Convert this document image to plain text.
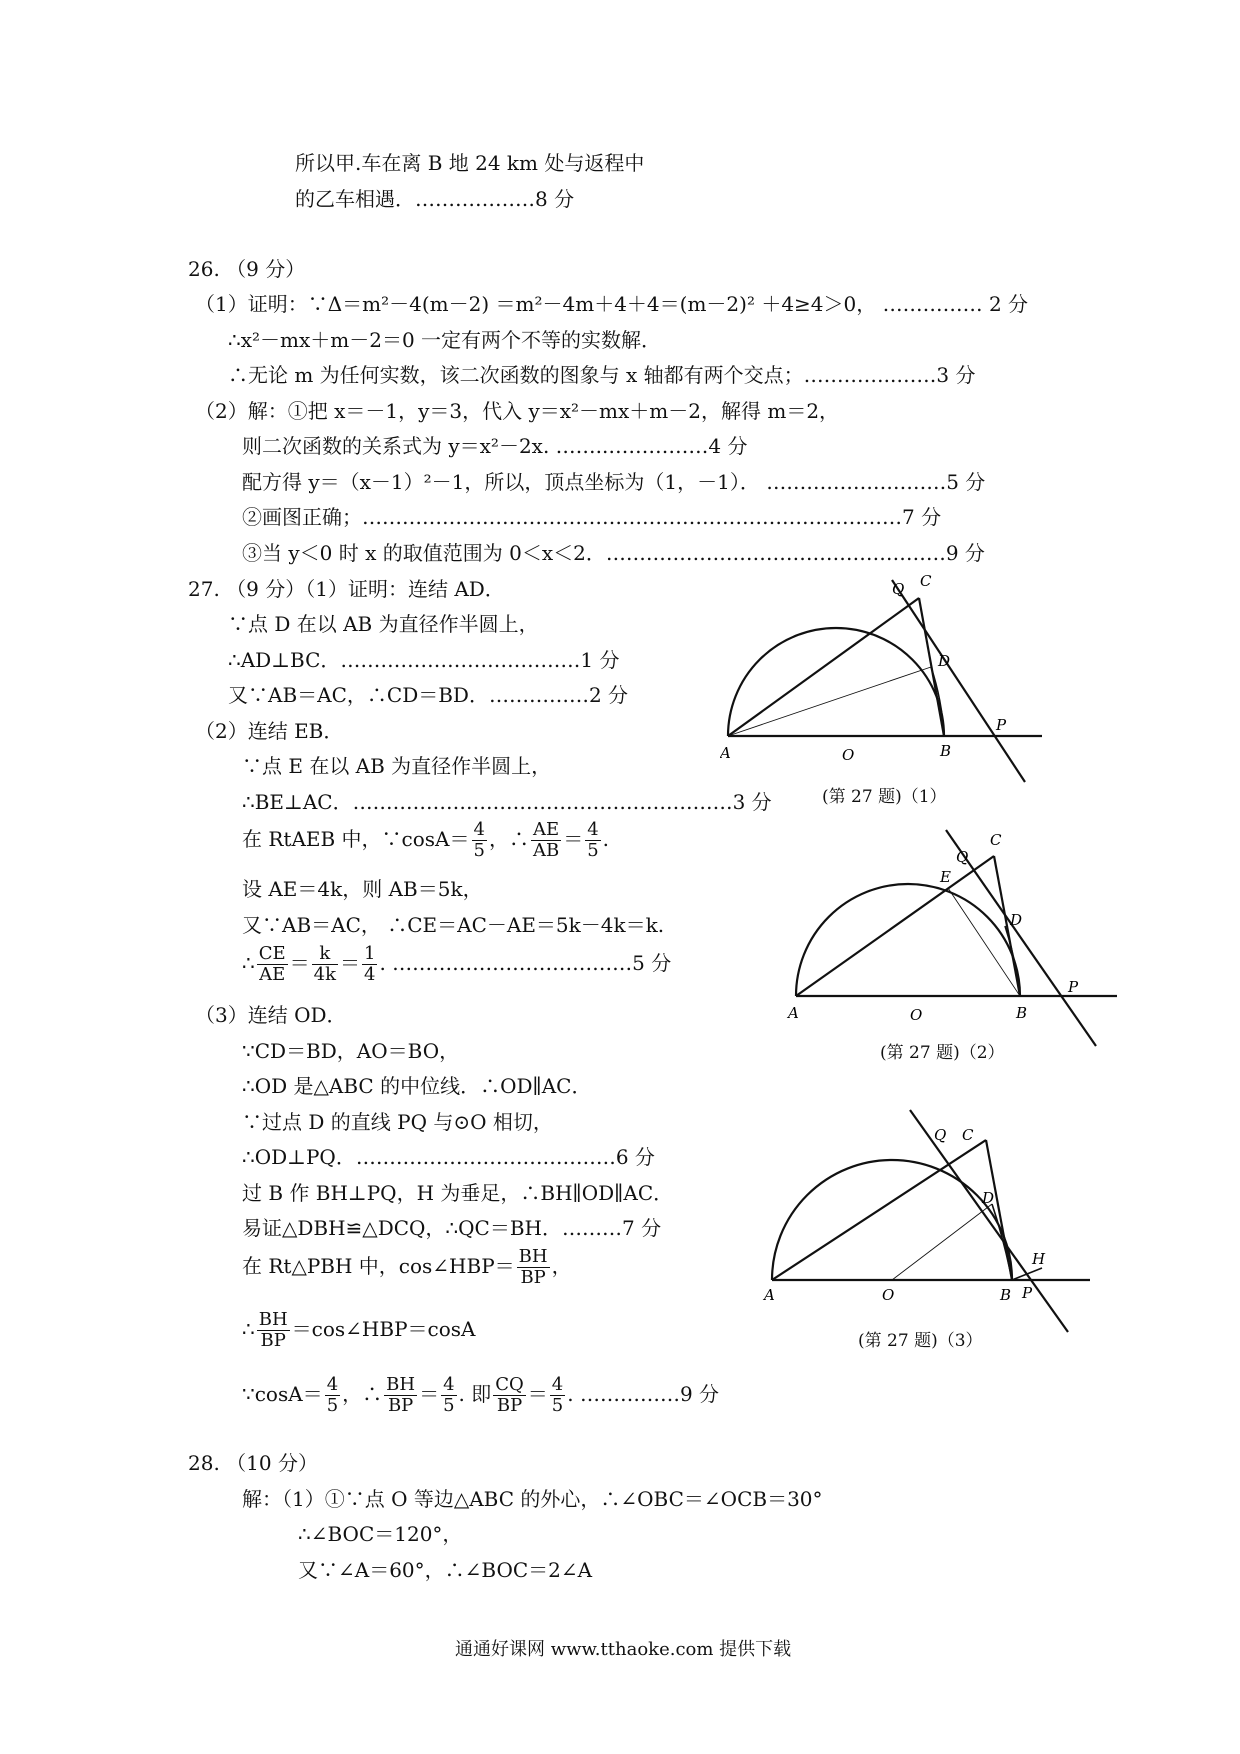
所以甲.车在离 B 地 24 km 处与返程中
的乙车相遇．………………8 分
26. （9 分）
（1）证明：∵Δ＝m²－4(m－2) ＝m²－4m＋4＋4＝(m－2)² ＋4≥4＞0， …………… 2 分
∴x²－mx＋m－2＝0 一定有两个不等的实数解．
∴无论 m 为任何实数，该二次函数的图象与 x 轴都有两个交点；…………..……3 分
（2）解：①把 x＝－1，y＝3，代入 y＝x²－mx＋m－2，解得 m＝2，
则二次函数的关系式为 y＝x²－2x. ……..……………4 分
配方得 y＝（x－1）²－1，所以，顶点坐标为（1，－1）． ………………………5 分
②画图正确；………………………………………………………………………7 分
③当 y＜0 时 x 的取值范围为 0＜x＜2．……………………………………………9 分
27. （9 分）（1）证明：连结 AD．
∵点 D 在以 AB 为直径作半圆上，
∴AD⊥BC．………………………………1 分
又∵AB＝AC，∴CD＝BD．……………2 分
（2）连结 EB．
∵点 E 在以 AB 为直径作半圆上，
∴BE⊥AC．…………………………………………………3 分
在 RtAEB 中，∵cosA＝ $\frac{4}{5}$ ，∴ $\frac{AE}{AB} = \frac{4}{5}$ .
设 AE＝4k，则 AB＝5k，
又∵AB＝AC， ∴CE＝AC－AE＝5k－4k＝k.
∴ $\frac{CE}{AE} = \frac{k}{4k} = \frac{1}{4}$ . ………………………………5 分
（3）连结 OD．
∵CD＝BD，AO＝BO，
∴OD 是△ABC 的中位线．∴OD∥AC．
∵过点 D 的直线 PQ 与⊙O 相切，
∴OD⊥PQ．…………………………………6 分
过 B 作 BH⊥PQ，H 为垂足，∴BH∥OD∥AC．
易证△DBH≌△DCQ，∴QC＝BH．………7 分
在 Rt△PBH 中，cos∠HBP＝ $\frac{BH}{BP}$ ，
∴ $\frac{BH}{BP}$ ＝cos∠HBP＝cosA
∵cosA＝ $\frac{4}{5}$ ，∴ $\frac{BH}{BP} = \frac{4}{5}$ . 即 $\frac{CQ}{BP} = \frac{4}{5}$ . ……………9 分
Q C
D
P
A	O	B
(第 27 题)（1）
Q
C
E
D
P
A	O	B
(第 27 题)（2）
Q C
D
H
P
A	O	B
(第 27 题)（3）
28. （10 分）
解：（1）①∵点 O 等边△ABC 的外心，∴∠OBC＝∠OCB＝30°
∴∠BOC＝120°，
又∵∠A＝60°，∴∠BOC＝2∠A
通通好课网 www.tthaoke.com 提供下载
